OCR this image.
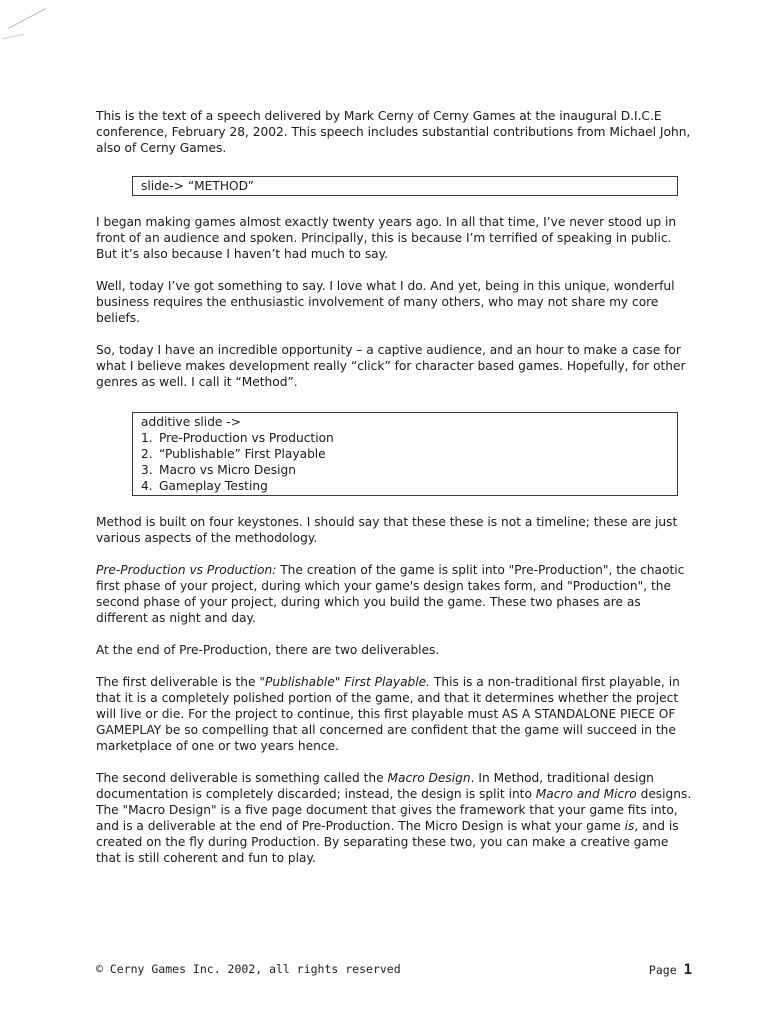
This is the text of a speech delivered by Mark Cerny of Cerny Games at the inaugural D.I.C.E conference, February 28, 2002. This speech includes substantial contributions from Michael John, also of Cerny Games.

slide-> “METHOD”

I began making games almost exactly twenty years ago. In all that time, I’ve never stood up in front of an audience and spoken. Principally, this is because I’m terrified of speaking in public. But it’s also because I haven’t had much to say.

Well, today I’ve got something to say. I love what I do. And yet, being in this unique, wonderful business requires the enthusiastic involvement of many others, who may not share my core beliefs.

So, today I have an incredible opportunity – a captive audience, and an hour to make a case for what I believe makes development really “click” for character based games. Hopefully, for other genres as well. I call it “Method”.

additive slide ->
1. Pre-Production vs Production
2. “Publishable” First Playable
3. Macro vs Micro Design
4. Gameplay Testing

Method is built on four keystones. I should say that these these is not a timeline; these are just various aspects of the methodology.

Pre-Production vs Production: The creation of the game is split into "Pre-Production", the chaotic first phase of your project, during which your game's design takes form, and "Production", the second phase of your project, during which you build the game. These two phases are as different as night and day.

At the end of Pre-Production, there are two deliverables.

The first deliverable is the "Publishable" First Playable. This is a non-traditional first playable, in that it is a completely polished portion of the game, and that it determines whether the project will live or die. For the project to continue, this first playable must AS A STANDALONE PIECE OF GAMEPLAY be so compelling that all concerned are confident that the game will succeed in the marketplace of one or two years hence.

The second deliverable is something called the Macro Design. In Method, traditional design documentation is completely discarded; instead, the design is split into Macro and Micro designs. The "Macro Design" is a five page document that gives the framework that your game fits into, and is a deliverable at the end of Pre-Production. The Micro Design is what your game is, and is created on the fly during Production. By separating these two, you can make a creative game that is still coherent and fun to play.

© Cerny Games Inc. 2002, all rights reserved	Page 1
